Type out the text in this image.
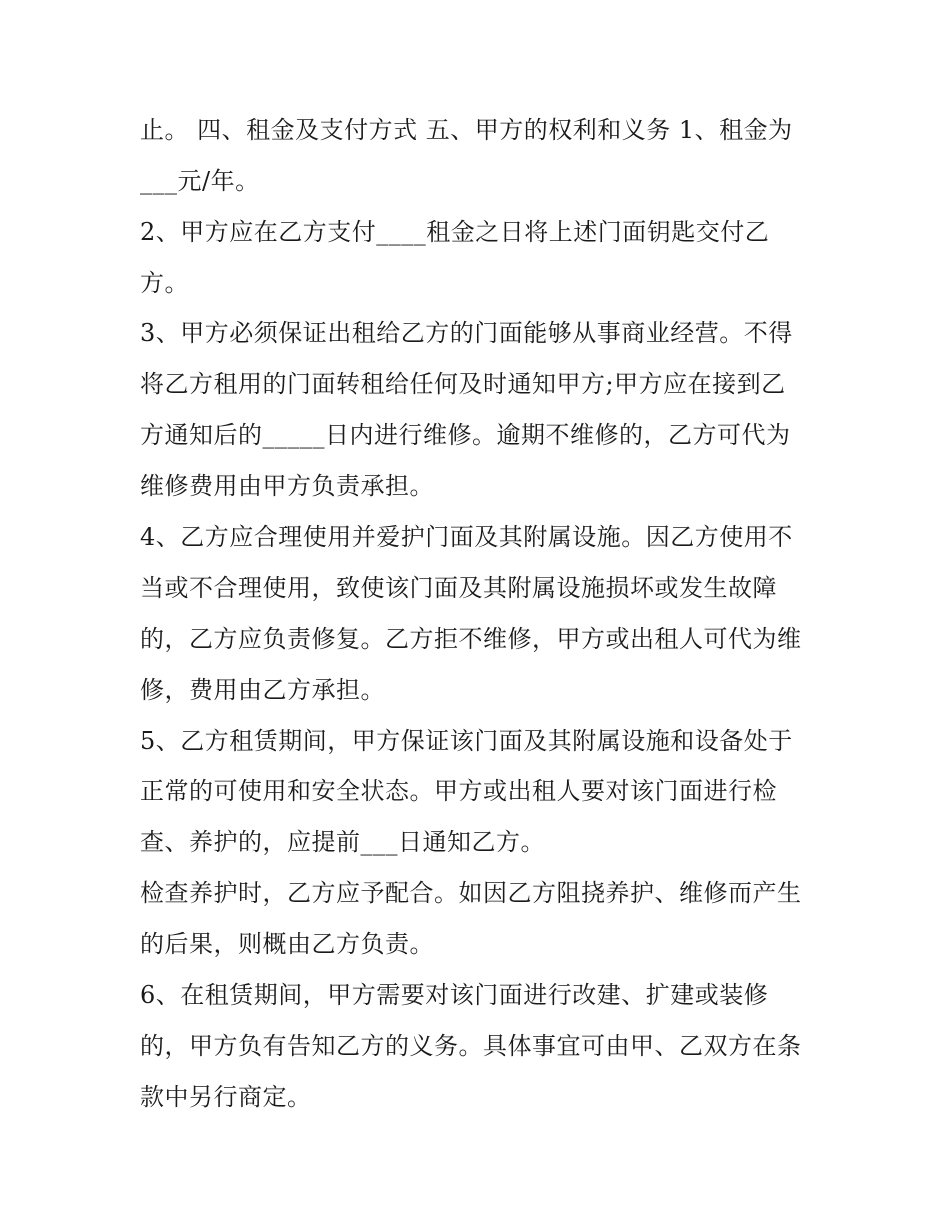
止。 四、租金及支付方式 五、甲方的权利和义务 1、租金为
___元/年。
2、甲方应在乙方支付____租金之日将上述门面钥匙交付乙
方。
3、甲方必须保证出租给乙方的门面能够从事商业经营。不得
将乙方租用的门面转租给任何及时通知甲方;甲方应在接到乙
方通知后的_____日内进行维修。逾期不维修的，乙方可代为
维修费用由甲方负责承担。
4、乙方应合理使用并爱护门面及其附属设施。因乙方使用不
当或不合理使用，致使该门面及其附属设施损坏或发生故障
的，乙方应负责修复。乙方拒不维修，甲方或出租人可代为维
修，费用由乙方承担。
5、乙方租赁期间，甲方保证该门面及其附属设施和设备处于
正常的可使用和安全状态。甲方或出租人要对该门面进行检
查、养护的，应提前___日通知乙方。
检查养护时，乙方应予配合。如因乙方阻挠养护、维修而产生
的后果，则概由乙方负责。
6、在租赁期间，甲方需要对该门面进行改建、扩建或装修
的，甲方负有告知乙方的义务。具体事宜可由甲、乙双方在条
款中另行商定。
